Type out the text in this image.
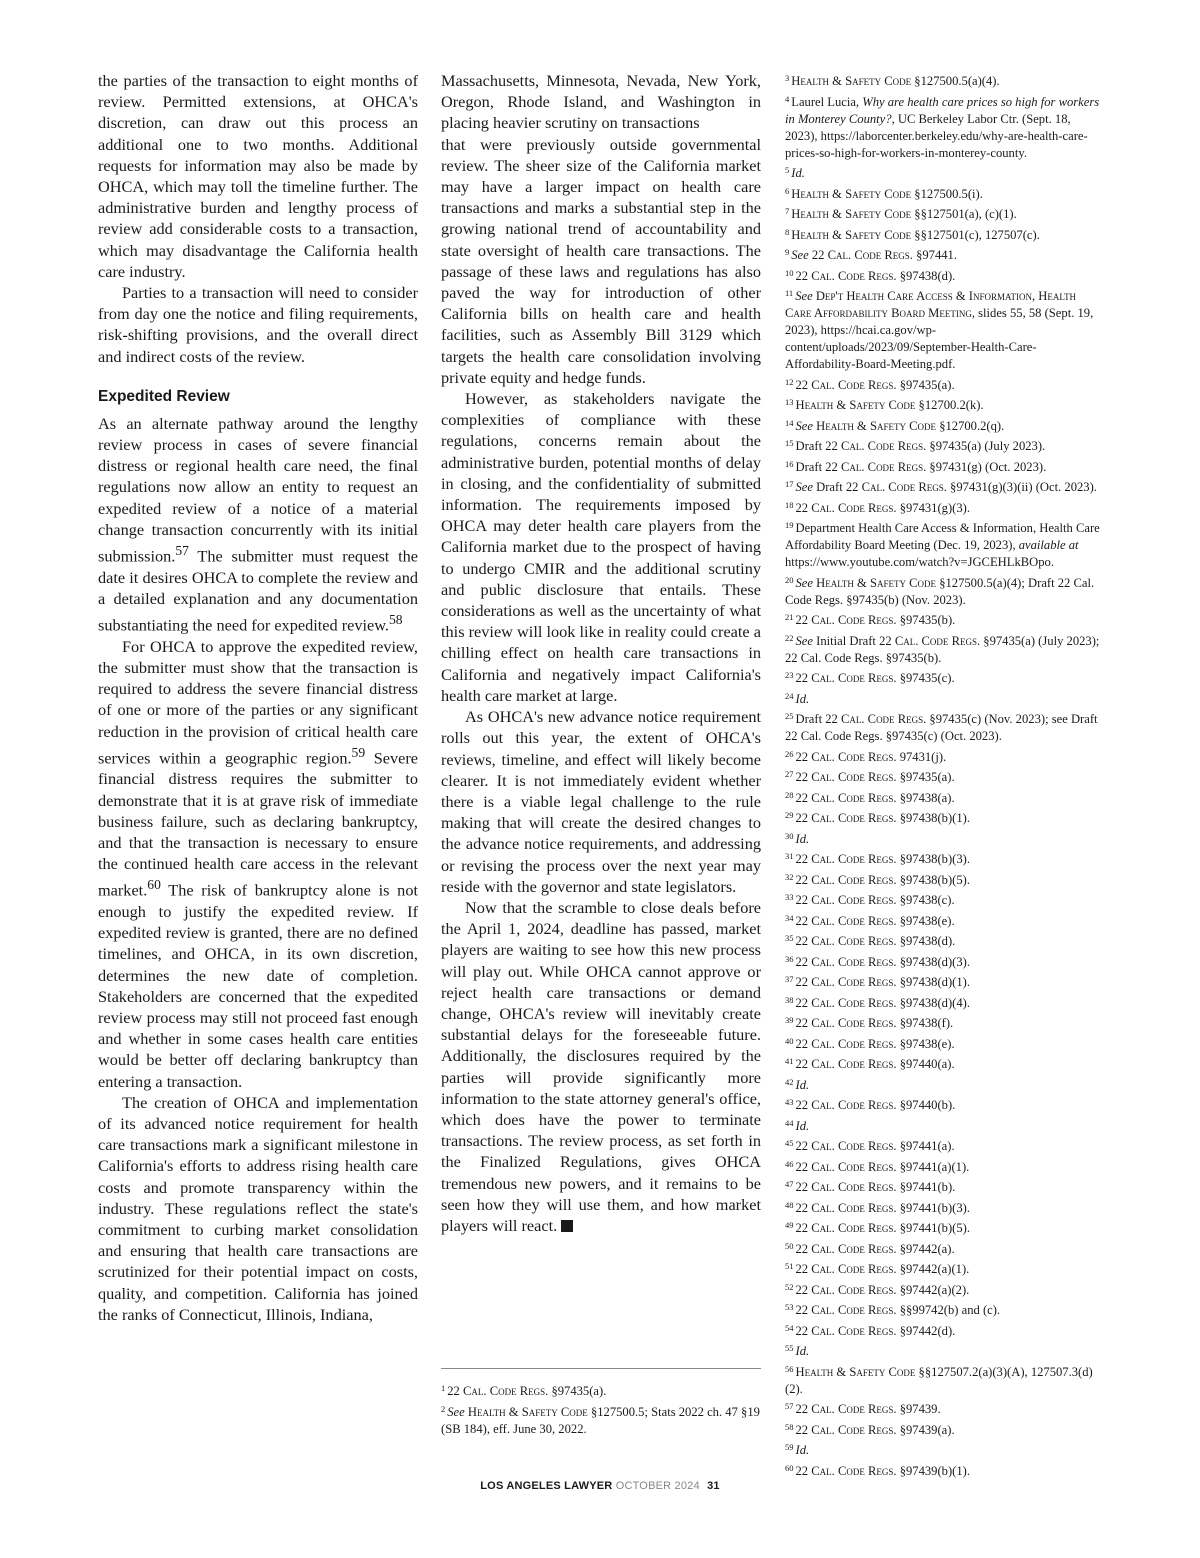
the parties of the transaction to eight months of review. Permitted extensions, at OHCA's discretion, can draw out this process an additional one to two months. Additional requests for information may also be made by OHCA, which may toll the timeline further. The administrative burden and lengthy process of review add considerable costs to a transaction, which may disadvantage the California health care industry.

Parties to a transaction will need to consider from day one the notice and filing requirements, risk-shifting provisions, and the overall direct and indirect costs of the review.

Expedited Review

As an alternate pathway around the lengthy review process in cases of severe financial distress or regional health care need, the final regulations now allow an entity to request an expedited review of a notice of a material change transaction concurrently with its initial submission.$^{57}$ The submitter must request the date it desires OHCA to complete the review and a detailed explanation and any documentation substantiating the need for expedited review.$^{58}$

For OHCA to approve the expedited review, the submitter must show that the transaction is required to address the severe financial distress of one or more of the parties or any significant reduction in the provision of critical health care services within a geographic region.$^{59}$ Severe financial distress requires the submitter to demonstrate that it is at grave risk of immediate business failure, such as declaring bankruptcy, and that the transaction is necessary to ensure the continued health care access in the relevant market.$^{60}$ The risk of bankruptcy alone is not enough to justify the expedited review. If expedited review is granted, there are no defined timelines, and OHCA, in its own discretion, determines the new date of completion. Stakeholders are concerned that the expedited review process may still not proceed fast enough and whether in some cases health care entities would be better off declaring bankruptcy than entering a transaction.

The creation of OHCA and implementation of its advanced notice requirement for health care transactions mark a significant milestone in California's efforts to address rising health care costs and promote transparency within the industry. These regulations reflect the state's commitment to curbing market consolidation and ensuring that health care transactions are scrutinized for their potential impact on costs, quality, and competition. California has joined the ranks of Connecticut, Illinois, Indiana,

Massachusetts, Minnesota, Nevada, New York, Oregon, Rhode Island, and Washington in placing heavier scrutiny on transactions

that were previously outside governmental review. The sheer size of the California market may have a larger impact on health care transactions and marks a substantial step in the growing national trend of accountability and state oversight of health care transactions. The passage of these laws and regulations has also paved the way for introduction of other California bills on health care and health facilities, such as Assembly Bill 3129 which targets the health care consolidation involving private equity and hedge funds.

However, as stakeholders navigate the complexities of compliance with these regulations, concerns remain about the administrative burden, potential months of delay in closing, and the confidentiality of submitted information. The requirements imposed by OHCA may deter health care players from the California market due to the prospect of having to undergo CMIR and the additional scrutiny and public disclosure that entails. These considerations as well as the uncertainty of what this review will look like in reality could create a chilling effect on health care transactions in California and negatively impact California's health care market at large.

As OHCA's new advance notice requirement rolls out this year, the extent of OHCA's reviews, timeline, and effect will likely become clearer. It is not immediately evident whether there is a viable legal challenge to the rule making that will create the desired changes to the advance notice requirements, and addressing or revising the process over the next year may reside with the governor and state legislators.

Now that the scramble to close deals before the April 1, 2024, deadline has passed, market players are waiting to see how this new process will play out. While OHCA cannot approve or reject health care transactions or demand change, OHCA's review will inevitably create substantial delays for the foreseeable future. Additionally, the disclosures required by the parties will provide significantly more information to the state attorney general's office, which does have the power to terminate transactions. The review process, as set forth in the Finalized Regulations, gives OHCA tremendous new powers, and it remains to be seen how they will use them, and how market players will react.

$^1$ 22 Cal. Code Regs. §97435(a).

$^2$ See Health & Safety Code §127500.5; Stats 2022 ch. 47 §19 (SB 184), eff. June 30, 2022.

$^3$ Health & Safety Code §127500.5(a)(4).

$^4$ Laurel Lucia, Why are health care prices so high for workers in Monterey County?, UC Berkeley Labor Ctr. (Sept. 18, 2023), https://laborcenter.berkeley.edu/why-are-health-care-prices-so-high-for-workers-in-monterey-county.

$^5$ Id.

$^6$ Health & Safety Code §127500.5(i).

$^7$ Health & Safety Code §§127501(a), (c)(1).

$^8$ Health & Safety Code §§127501(c), 127507(c).

$^9$ See 22 Cal. Code Regs. §97441.

$^{10}$ 22 Cal. Code Regs. §97438(d).

$^{11}$ See Dep't Health Care Access & Information, Health Care Affordability Board Meeting, slides 55, 58 (Sept. 19, 2023), https://hcai.ca.gov/wp-content/uploads/2023/09/September-Health-Care-Affordability-Board-Meeting.pdf.

$^{12}$ 22 Cal. Code Regs. §97435(a).

$^{13}$ Health & Safety Code §12700.2(k).

$^{14}$ See Health & Safety Code §12700.2(q).

$^{15}$ Draft 22 Cal. Code Regs. §97435(a) (July 2023).

$^{16}$ Draft 22 Cal. Code Regs. §97431(g) (Oct. 2023).

$^{17}$ See Draft 22 Cal. Code Regs. §97431(g)(3)(ii) (Oct. 2023).

$^{18}$ 22 Cal. Code Regs. §97431(g)(3).

$^{19}$ Department Health Care Access & Information, Health Care Affordability Board Meeting (Dec. 19, 2023), available at https://www.youtube.com/watch?v=JGCEHLkBOpo.

$^{20}$ See Health & Safety Code §127500.5(a)(4); Draft 22 Cal. Code Regs. §97435(b) (Nov. 2023).

$^{21}$ 22 Cal. Code Regs. §97435(b).

$^{22}$ See Initial Draft 22 Cal. Code Regs. §97435(a) (July 2023); 22 Cal. Code Regs. §97435(b).

$^{23}$ 22 Cal. Code Regs. §97435(c).

$^{24}$ Id.

$^{25}$ Draft 22 Cal. Code Regs. §97435(c) (Nov. 2023); see Draft 22 Cal. Code Regs. §97435(c) (Oct. 2023).

$^{26}$ 22 Cal. Code Regs. 97431(j).

$^{27}$ 22 Cal. Code Regs. §97435(a).

$^{28}$ 22 Cal. Code Regs. §97438(a).

$^{29}$ 22 Cal. Code Regs. §97438(b)(1).

$^{30}$ Id.

$^{31}$ 22 Cal. Code Regs. §97438(b)(3).

$^{32}$ 22 Cal. Code Regs. §97438(b)(5).

$^{33}$ 22 Cal. Code Regs. §97438(c).

$^{34}$ 22 Cal. Code Regs. §97438(e).

$^{35}$ 22 Cal. Code Regs. §97438(d).

$^{36}$ 22 Cal. Code Regs. §97438(d)(3).

$^{37}$ 22 Cal. Code Regs. §97438(d)(1).

$^{38}$ 22 Cal. Code Regs. §97438(d)(4).

$^{39}$ 22 Cal. Code Regs. §97438(f).

$^{40}$ 22 Cal. Code Regs. §97438(e).

$^{41}$ 22 Cal. Code Regs. §97440(a).

$^{42}$ Id.

$^{43}$ 22 Cal. Code Regs. §97440(b).

$^{44}$ Id.

$^{45}$ 22 Cal. Code Regs. §97441(a).

$^{46}$ 22 Cal. Code Regs. §97441(a)(1).

$^{47}$ 22 Cal. Code Regs. §97441(b).

$^{48}$ 22 Cal. Code Regs. §97441(b)(3).

$^{49}$ 22 Cal. Code Regs. §97441(b)(5).

$^{50}$ 22 Cal. Code Regs. §97442(a).

$^{51}$ 22 Cal. Code Regs. §97442(a)(1).

$^{52}$ 22 Cal. Code Regs. §97442(a)(2).

$^{53}$ 22 Cal. Code Regs. §§99742(b) and (c).

$^{54}$ 22 Cal. Code Regs. §97442(d).

$^{55}$ Id.

$^{56}$ Health & Safety Code §§127507.2(a)(3)(A), 127507.3(d)(2).

$^{57}$ 22 Cal. Code Regs. §97439.

$^{58}$ 22 Cal. Code Regs. §97439(a).

$^{59}$ Id.

$^{60}$ 22 Cal. Code Regs. §97439(b)(1).

LOS ANGELES LAWYER OCTOBER 2024 31
